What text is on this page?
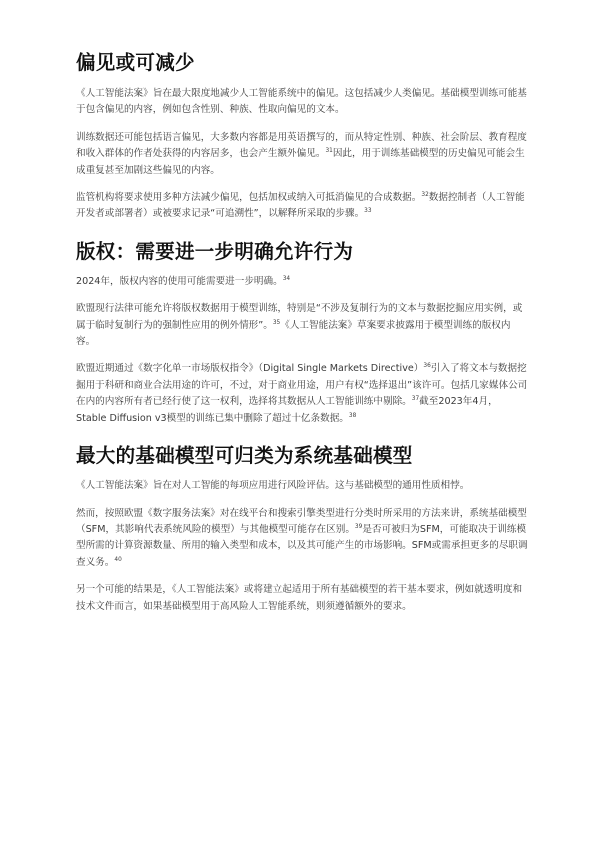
偏见或可减少

《人工智能法案》旨在最大限度地减少人工智能系统中的偏见。这包括减少人类偏见。基础模型训练可能基于包含偏见的内容，例如包含性别、种族、性取向偏见的文本。

训练数据还可能包括语言偏见，大多数内容都是用英语撰写的，而从特定性别、种族、社会阶层、教育程度和收入群体的作者处获得的内容居多，也会产生额外偏见。$^{31}$因此，用于训练基础模型的历史偏见可能会生成重复甚至加剧这些偏见的内容。

监管机构将要求使用多种方法减少偏见，包括加权或纳入可抵消偏见的合成数据。$^{32}$数据控制者（人工智能开发者或部署者）或被要求记录“可追溯性”，以解释所采取的步骤。$^{33}$

版权：需要进一步明确允许行为

2024年，版权内容的使用可能需要进一步明确。$^{34}$

欧盟现行法律可能允许将版权数据用于模型训练，特别是“不涉及复制行为的文本与数据挖掘应用实例，或属于临时复制行为的强制性应用的例外情形”。$^{35}$《人工智能法案》草案要求披露用于模型训练的版权内容。

欧盟近期通过《数字化单一市场版权指令》（Digital Single Markets Directive）$^{36}$引入了将文本与数据挖掘用于科研和商业合法用途的许可，不过，对于商业用途，用户有权“选择退出”该许可。包括几家媒体公司在内的内容所有者已经行使了这一权利，选择将其数据从人工智能训练中剔除。$^{37}$截至2023年4月，Stable Diffusion v3模型的训练已集中删除了超过十亿条数据。$^{38}$

最大的基础模型可归类为系统基础模型

《人工智能法案》旨在对人工智能的每项应用进行风险评估。这与基础模型的通用性质相悖。

然而，按照欧盟《数字服务法案》对在线平台和搜索引擎类型进行分类时所采用的方法来讲，系统基础模型（SFM，其影响代表系统风险的模型）与其他模型可能存在区别。$^{39}$是否可被归为SFM，可能取决于训练模型所需的计算资源数量、所用的输入类型和成本，以及其可能产生的市场影响。SFM或需承担更多的尽职调查义务。$^{40}$

另一个可能的结果是，《人工智能法案》或将建立起适用于所有基础模型的若干基本要求，例如就透明度和技术文件而言，如果基础模型用于高风险人工智能系统，则须遵循额外的要求。
